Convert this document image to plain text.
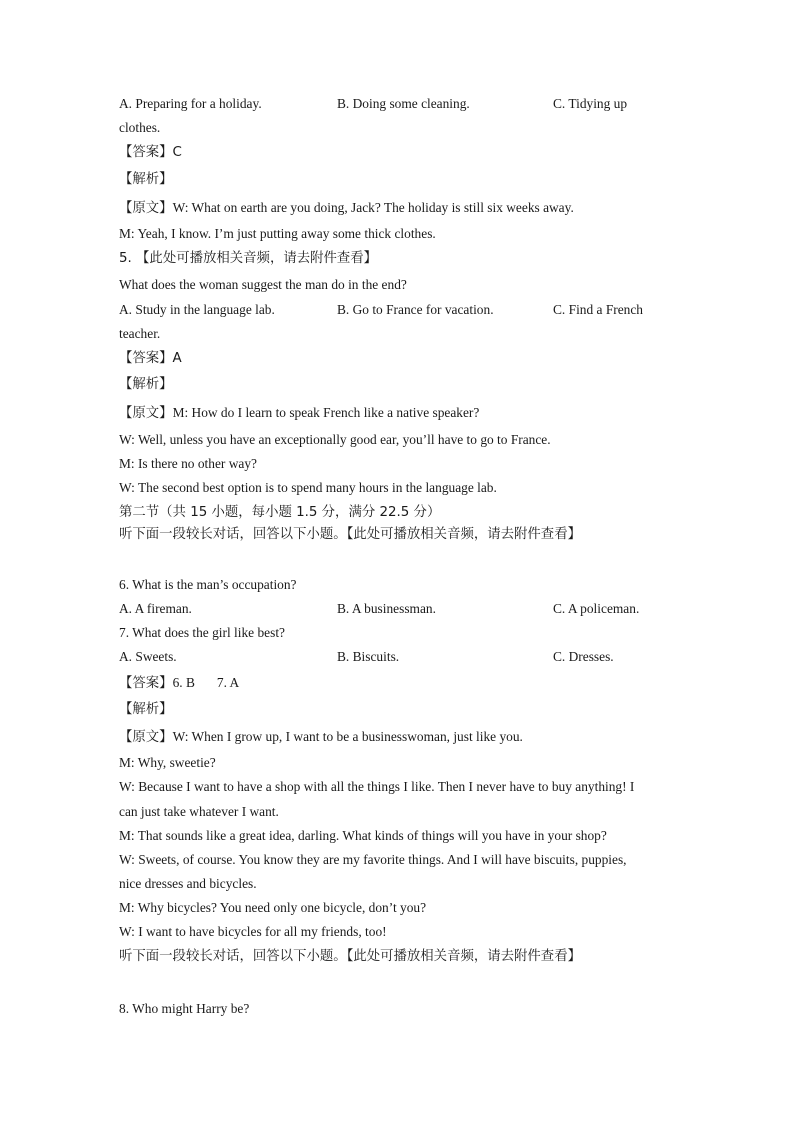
A. Preparing for a holiday.	B. Doing some cleaning.	C. Tidying up
clothes.
【答案】C
【解析】
【原文】W: What on earth are you doing, Jack? The holiday is still six weeks away.
M: Yeah, I know. I’m just putting away some thick clothes.
5. 【此处可播放相关音频，请去附件查看】
What does the woman suggest the man do in the end?
A. Study in the language lab.	B. Go to France for vacation.	C. Find a French
teacher.
【答案】A
【解析】
【原文】M: How do I learn to speak French like a native speaker?
W: Well, unless you have an exceptionally good ear, you’ll have to go to France.
M: Is there no other way?
W: The second best option is to spend many hours in the language lab.
第二节（共 15 小题，每小题 1.5 分，满分 22.5 分）
听下面一段较长对话，回答以下小题。【此处可播放相关音频，请去附件查看】
6. What is the man’s occupation?
A. A fireman.	B. A businessman.	C. A policeman.
7. What does the girl like best?
A. Sweets.	B. Biscuits.	C. Dresses.
【答案】6. B 7. A
【解析】
【原文】W: When I grow up, I want to be a businesswoman, just like you.
M: Why, sweetie?
W: Because I want to have a shop with all the things I like. Then I never have to buy anything! I
can just take whatever I want.
M: That sounds like a great idea, darling. What kinds of things will you have in your shop?
W: Sweets, of course. You know they are my favorite things. And I will have biscuits, puppies,
nice dresses and bicycles.
M: Why bicycles? You need only one bicycle, don’t you?
W: I want to have bicycles for all my friends, too!
听下面一段较长对话，回答以下小题。【此处可播放相关音频，请去附件查看】
8. Who might Harry be?
